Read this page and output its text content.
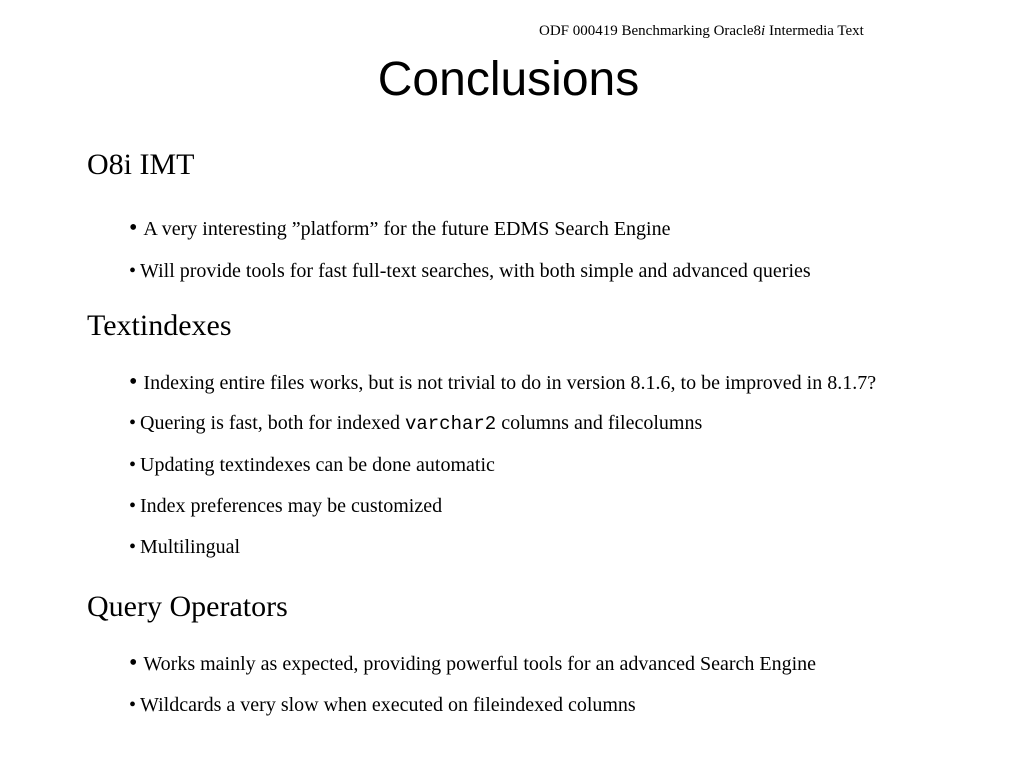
ODF 000419 Benchmarking Oracle8i Intermedia Text
Conclusions
O8i IMT
• A very interesting ”platform” for the future EDMS Search Engine
• Will provide tools for fast full-text searches, with both simple and advanced queries
Textindexes
• Indexing entire files works, but is not trivial to do in version 8.1.6, to be improved in 8.1.7?
• Quering is fast, both for indexed varchar2 columns and filecolumns
• Updating textindexes can be done automatic
• Index preferences may be customized
• Multilingual
Query Operators
• Works mainly as expected, providing powerful tools for an advanced Search Engine
• Wildcards a very slow when executed on fileindexed columns
